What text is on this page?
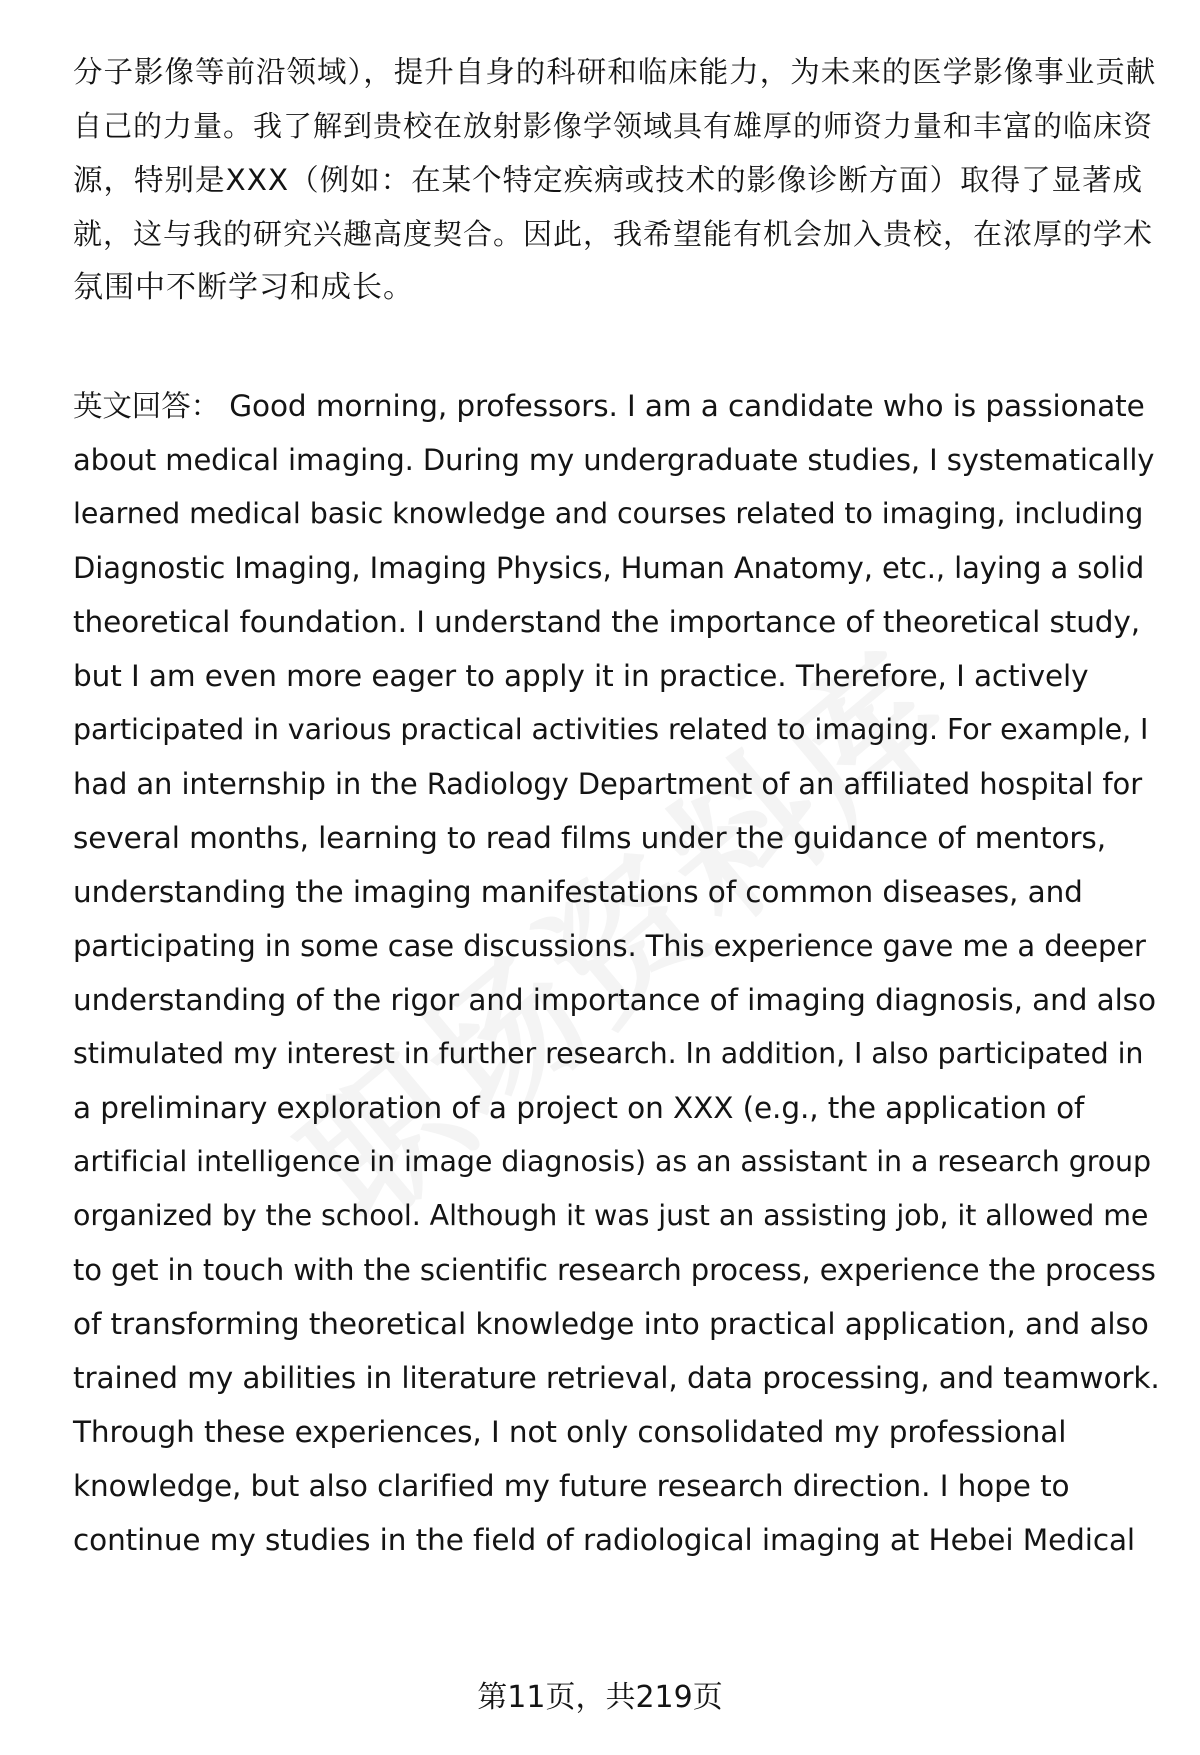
分子影像等前沿领域），提升自身的科研和临床能力，为未来的医学影像事业贡献
自己的力量。我了解到贵校在放射影像学领域具有雄厚的师资力量和丰富的临床资
源，特别是XXX（例如：在某个特定疾病或技术的影像诊断方面）取得了显著成
就，这与我的研究兴趣高度契合。因此，我希望能有机会加入贵校，在浓厚的学术
氛围中不断学习和成长。
英文回答： Good morning, professors. I am a candidate who is passionate
about medical imaging. During my undergraduate studies, I systematically
learned medical basic knowledge and courses related to imaging, including
Diagnostic Imaging, Imaging Physics, Human Anatomy, etc., laying a solid
theoretical foundation. I understand the importance of theoretical study,
but I am even more eager to apply it in practice. Therefore, I actively
participated in various practical activities related to imaging. For example, I
had an internship in the Radiology Department of an affiliated hospital for
several months, learning to read films under the guidance of mentors,
understanding the imaging manifestations of common diseases, and
participating in some case discussions. This experience gave me a deeper
understanding of the rigor and importance of imaging diagnosis, and also
stimulated my interest in further research. In addition, I also participated in
a preliminary exploration of a project on XXX (e.g., the application of
artificial intelligence in image diagnosis) as an assistant in a research group
organized by the school. Although it was just an assisting job, it allowed me
to get in touch with the scientific research process, experience the process
of transforming theoretical knowledge into practical application, and also
trained my abilities in literature retrieval, data processing, and teamwork.
Through these experiences, I not only consolidated my professional
knowledge, but also clarified my future research direction. I hope to
continue my studies in the field of radiological imaging at Hebei Medical
第11页，共219页
